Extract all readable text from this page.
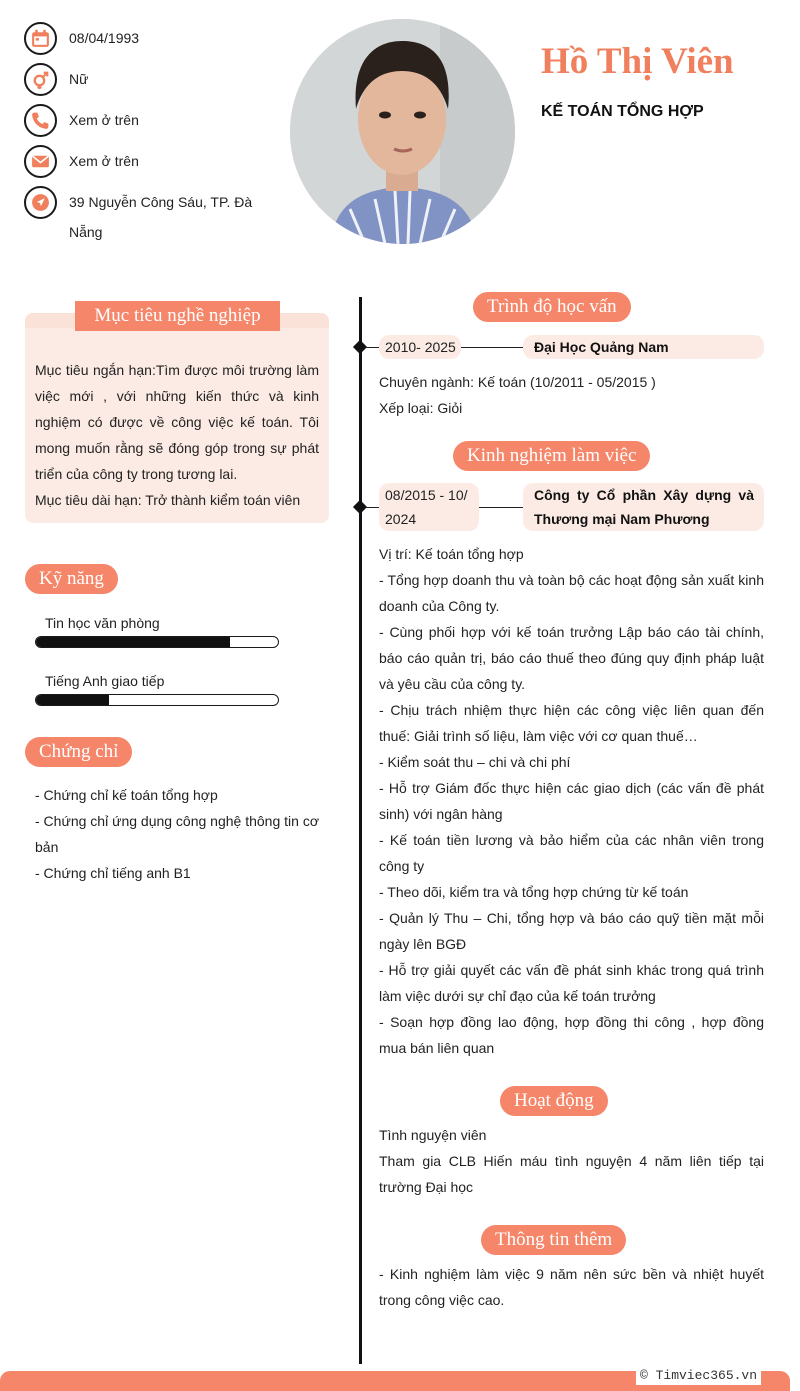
08/04/1993
Nữ
Xem ở trên
Xem ở trên
39 Nguyễn Công Sáu, TP. Đà
Nẵng
Hồ Thị Viên
KẾ TOÁN TỔNG HỢP
Mục tiêu nghề nghiệp
Mục tiêu ngắn hạn:Tìm được môi trường làm việc mới , với những kiến thức và kinh nghiệm có được về công việc kế toán. Tôi mong muốn rằng sẽ đóng góp trong sự phát triển của công ty trong tương lai.
Mục tiêu dài hạn: Trở thành kiểm toán viên
Kỹ năng
Tin học văn phòng
Tiếng Anh giao tiếp
Chứng chỉ
- Chứng chỉ kế toán tổng hợp
- Chứng chỉ ứng dụng công nghệ thông tin cơ bản
- Chứng chỉ tiếng anh B1
Trình độ học vấn
2010- 2025	Đại Học Quảng Nam
Chuyên ngành: Kế toán (10/2011 - 05/2015 )
Xếp loại: Giỏi
Kinh nghiệm làm việc
08/2015 - 10/ 2024
Công ty Cổ phần Xây dựng và Thương mại Nam Phương
Vị trí: Kế toán tổng hợp
- Tổng hợp doanh thu và toàn bộ các hoạt động sản xuất kinh doanh của Công ty.
- Cùng phối hợp với kế toán trưởng Lập báo cáo tài chính, báo cáo quản trị, báo cáo thuế theo đúng quy định pháp luật và yêu cầu của công ty.
- Chịu trách nhiệm thực hiện các công việc liên quan đến thuế: Giải trình số liệu, làm việc với cơ quan thuế…
- Kiểm soát thu – chi và chi phí
- Hỗ trợ Giám đốc thực hiện các giao dịch (các vấn đề phát sinh) với ngân hàng
- Kế toán tiền lương và bảo hiểm của các nhân viên trong công ty
- Theo dõi, kiểm tra và tổng hợp chứng từ kế toán
- Quản lý Thu – Chi, tổng hợp và báo cáo quỹ tiền mặt mỗi ngày lên BGĐ
- Hỗ trợ giải quyết các vấn đề phát sinh khác trong quá trình làm việc dưới sự chỉ đạo của kế toán trưởng
- Soạn hợp đồng lao động, hợp đồng thi công , hợp đồng mua bán liên quan
Hoạt động
Tình nguyện viên
Tham gia CLB Hiến máu tình nguyện 4 năm liên tiếp tại trường Đại học
Thông tin thêm
- Kinh nghiệm làm việc 9 năm nên sức bền và nhiệt huyết trong công việc cao.
© Timviec365.vn
